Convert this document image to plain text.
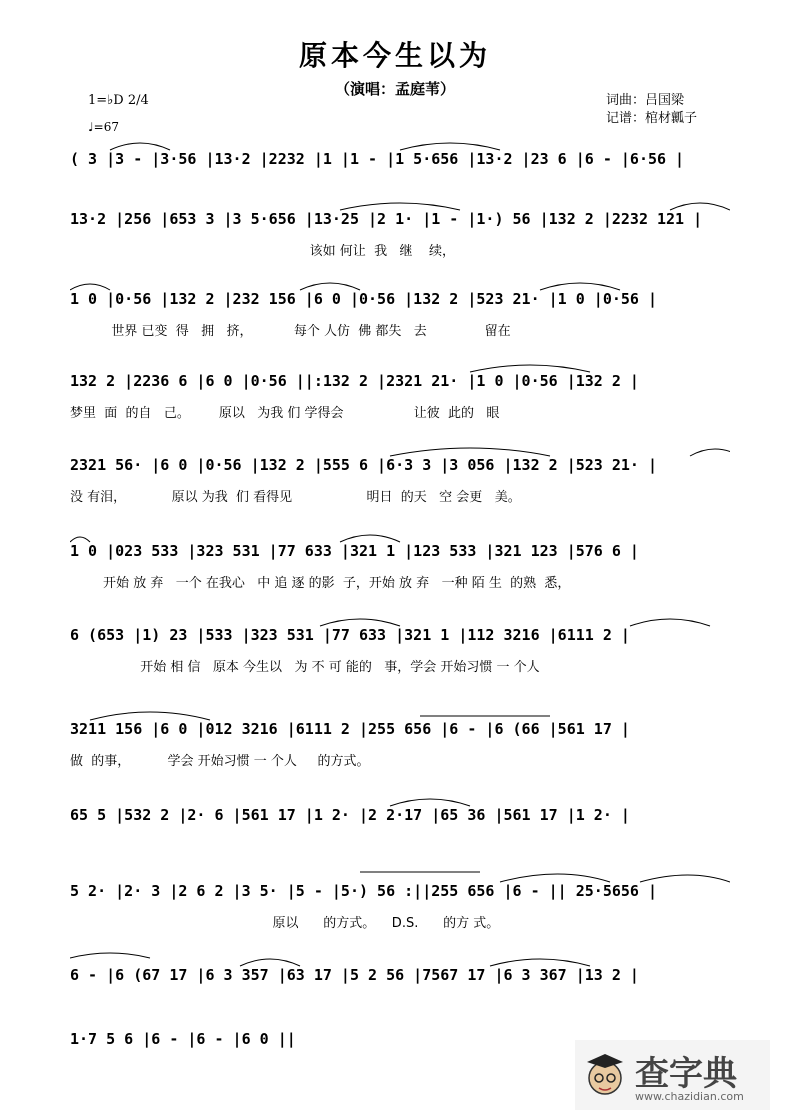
原本今生以为
（演唱：孟庭苇）
1=♭D 2/4
♩=67
词曲：吕国梁
记谱：棺材瓤子
( 3 |3 - |3·56 |13·2 |2232 |1 |1 - |1 5·656 |13·2 |23 6 |6 - |6·56 |
13·2 |256 |653 3 |3 5·656 |13·25 |2 1· |1 - |1·) 56 |132 2 |2232 121 |
该如 何让  我   继    续，
1 0 |0·56 |132 2 |232 156 |6 0 |0·56 |132 2 |523 21· |1 0 |0·56 |
世界 已变  得   拥   挤，          每个 人仿  佛 都失   去              留在
132 2 |2236 6 |6 0 |0·56 ||:132 2 |2321 21· |1 0 |0·56 |132 2 |
梦里  面  的自   己。       原以   为我 们 学得会                 让彼  此的   眼
2321 56· |6 0 |0·56 |132 2 |555 6 |6·3 3 |3 056 |132 2 |523 21· |
没 有泪，           原以 为我  们 看得见                  明日  的天   空 会更   美。
1 0 |023 533 |323 531 |77 633 |321 1 |123 533 |321 123 |576 6 |
开始 放 弃   一个 在我心   中 追 逐 的影  子，开始 放 弃   一种 陌 生  的熟  悉，
6 (653 |1) 23 |533 |323 531 |77 633 |321 1 |112 3216 |6111 2 |
开始 相 信   原本 今生以   为 不 可 能的   事，学会 开始习惯 一 个人
3211 156 |6 0 |012 3216 |6111 2 |255 656 |6 - |6 (66 |561 17 |
做  的事，         学会 开始习惯 一 个人     的方式。
65 5 |532 2 |2· 6 |561 17 |1 2· |2 2·17 |65 36 |561 17 |1 2· |
5 2· |2· 3 |2 6 2 |3 5· |5 - |5·) 56 :||255 656 |6 - || 25·5656 |
原以      的方式。    D.S.      的方 式。
6 - |6 (67 17 |6 3 357 |63 17 |5 2 56 |7567 17 |6 3 367 |13 2 |
1·7 5 6 |6 - |6 - |6 0 ||
查字典
www.chazidian.com
